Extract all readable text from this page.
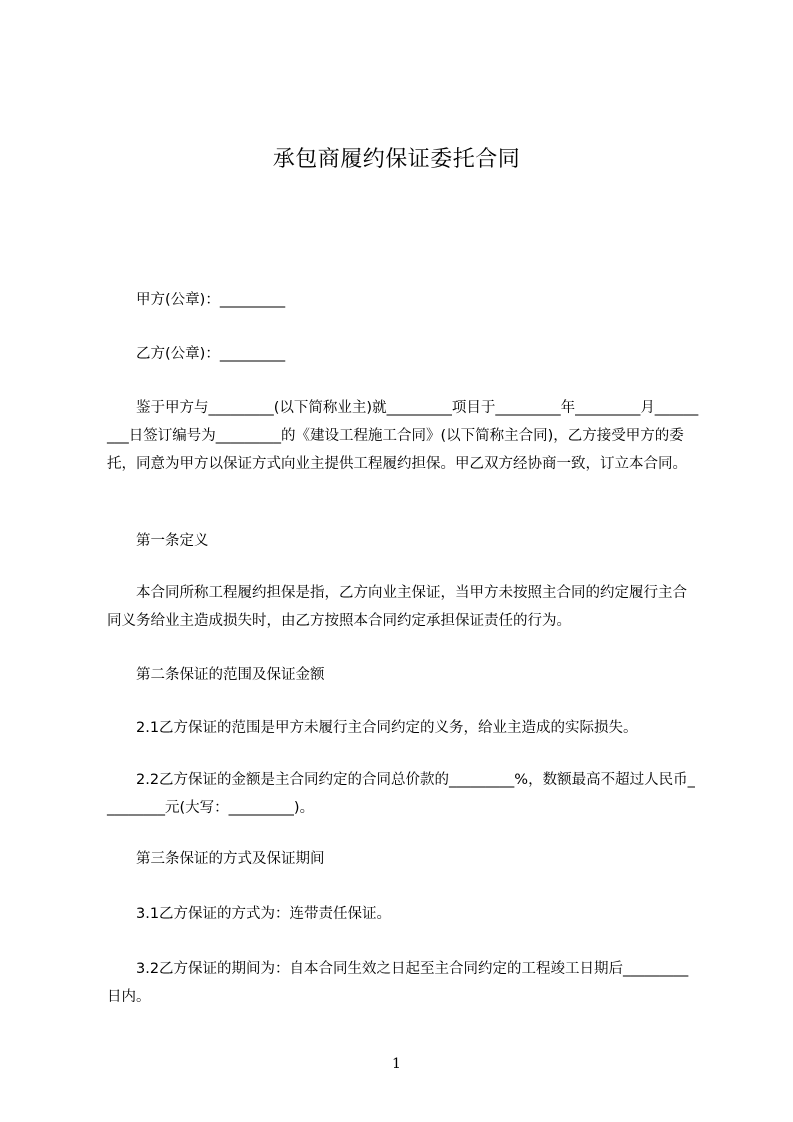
承包商履约保证委托合同
甲方(公章)：_________
乙方(公章)：_________
鉴于甲方与_________(以下简称业主)就_________项目于_________年_________月_________日签订编号为_________的《建设工程施工合同》(以下简称主合同)，乙方接受甲方的委托，同意为甲方以保证方式向业主提供工程履约担保。甲乙双方经协商一致，订立本合同。
第一条定义
本合同所称工程履约担保是指，乙方向业主保证，当甲方未按照主合同的约定履行主合同义务给业主造成损失时，由乙方按照本合同约定承担保证责任的行为。
第二条保证的范围及保证金额
2.1乙方保证的范围是甲方未履行主合同约定的义务，给业主造成的实际损失。
2.2乙方保证的金额是主合同约定的合同总价款的_________%，数额最高不超过人民币_________元(大写：_________)。
第三条保证的方式及保证期间
3.1乙方保证的方式为：连带责任保证。
3.2乙方保证的期间为：自本合同生效之日起至主合同约定的工程竣工日期后_________日内。
1
